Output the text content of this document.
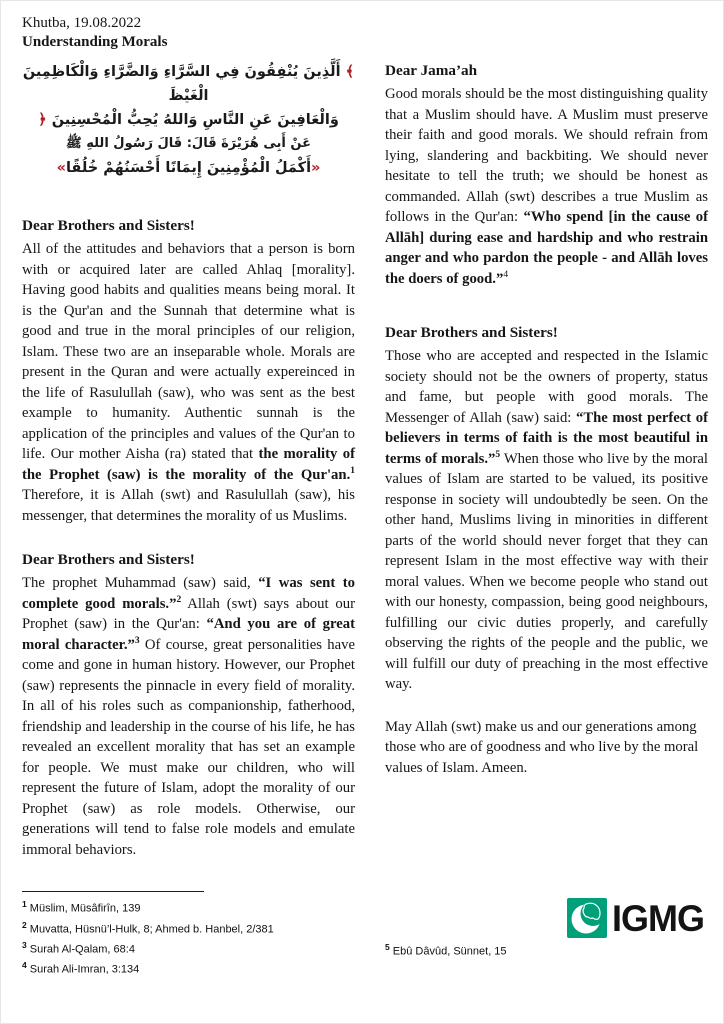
Khutba, 19.08.2022
Understanding Morals
﴾ أَلَّذِينَ يُنْفِقُونَ فِي السَّرَّاءِ وَالضَّرَّاءِ وَالْكَاظِمِينَ الْغَيْظَ
وَالْعَافِينَ عَنِ النَّاسِ وَاللهُ يُحِبُّ الْمُحْسِنِينَ ﴿
عَنْ أَبِى هُرَيْرَةَ قَالَ: قَالَ رَسُولُ اللهِ ﷺ
«أَكْمَلُ الْمُؤْمِنِينَ إِيمَانًا أَحْسَنُهُمْ خُلُقًا»
Dear Brothers and Sisters!

All of the attitudes and behaviors that a person is born with or acquired later are called Ahlaq [morality]. Having good habits and qualities means being moral. It is the Qur'an and the Sunnah that determine what is good and true in the moral principles of our religion, Islam. These two are an inseparable whole. Morals are present in the Quran and were actually expereinced in the life of Rasulullah (saw), who was sent as the best example to humanity. Authentic sunnah is the application of the principles and values of the Qur'an to life. Our mother Aisha (ra) stated that the morality of the Prophet (saw) is the morality of the Qur'an.$^1$ Therefore, it is Allah (swt) and Rasulullah (saw), his messenger, that determines the morality of us Muslims.

Dear Brothers and Sisters!

The prophet Muhammad (saw) said, “I was sent to complete good morals.”$^2$ Allah (swt) says about our Prophet (saw) in the Qur'an: “And you are of great moral character.”$^3$ Of course, great personalities have come and gone in human history. However, our Prophet (saw) represents the pinnacle in every field of morality. In all of his roles such as companionship, fatherhood, friendship and leadership in the course of his life, he has revealed an excellent morality that has set an example for people. We must make our children, who will represent the future of Islam, adopt the morality of our Prophet (saw) as role models. Otherwise, our generations will tend to false role models and emulate immoral behaviors.

$^1$ Müslim, Müsâfirîn, 139
$^2$ Muvatta, Hüsnü’l-Hulk, 8; Ahmed b. Hanbel, 2/381
$^3$ Surah Al-Qalam, 68:4
$^4$ Surah Ali-Imran, 3:134
Dear Jama’ah

Good morals should be the most distinguishing quality that a Muslim should have. A Muslim must preserve their faith and good morals. We should refrain from lying, slandering and backbiting. We should never hesitate to tell the truth; we should be honest as commanded. Allah (swt) describes a true Muslim as follows in the Qur'an: “Who spend [in the cause of Allāh] during ease and hardship and who restrain anger and who pardon the people - and Allāh loves the doers of good.”$^4$

Dear Brothers and Sisters!

Those who are accepted and respected in the Islamic society should not be the owners of property, status and fame, but people with good morals. The Messenger of Allah (saw) said: “The most perfect of believers in terms of faith is the most beautiful in terms of morals.”$^5$ When those who live by the moral values of Islam are started to be valued, its positive response in society will undoubtedly be seen. On the other hand, Muslims living in minorities in different parts of the world should never forget that they can represent Islam in the most effective way with their moral values. When we become people who stand out with our honesty, compassion, being good neighbours, fulfilling our civic duties properly, and carefully observing the rights of the people and the public, we will fulfill our duty of preaching in the most effective way.

May Allah (swt) make us and our generations among those who are of goodness and who live by the moral values of Islam. Ameen.

IGMG
$^5$ Ebû Dâvûd, Sünnet, 15
